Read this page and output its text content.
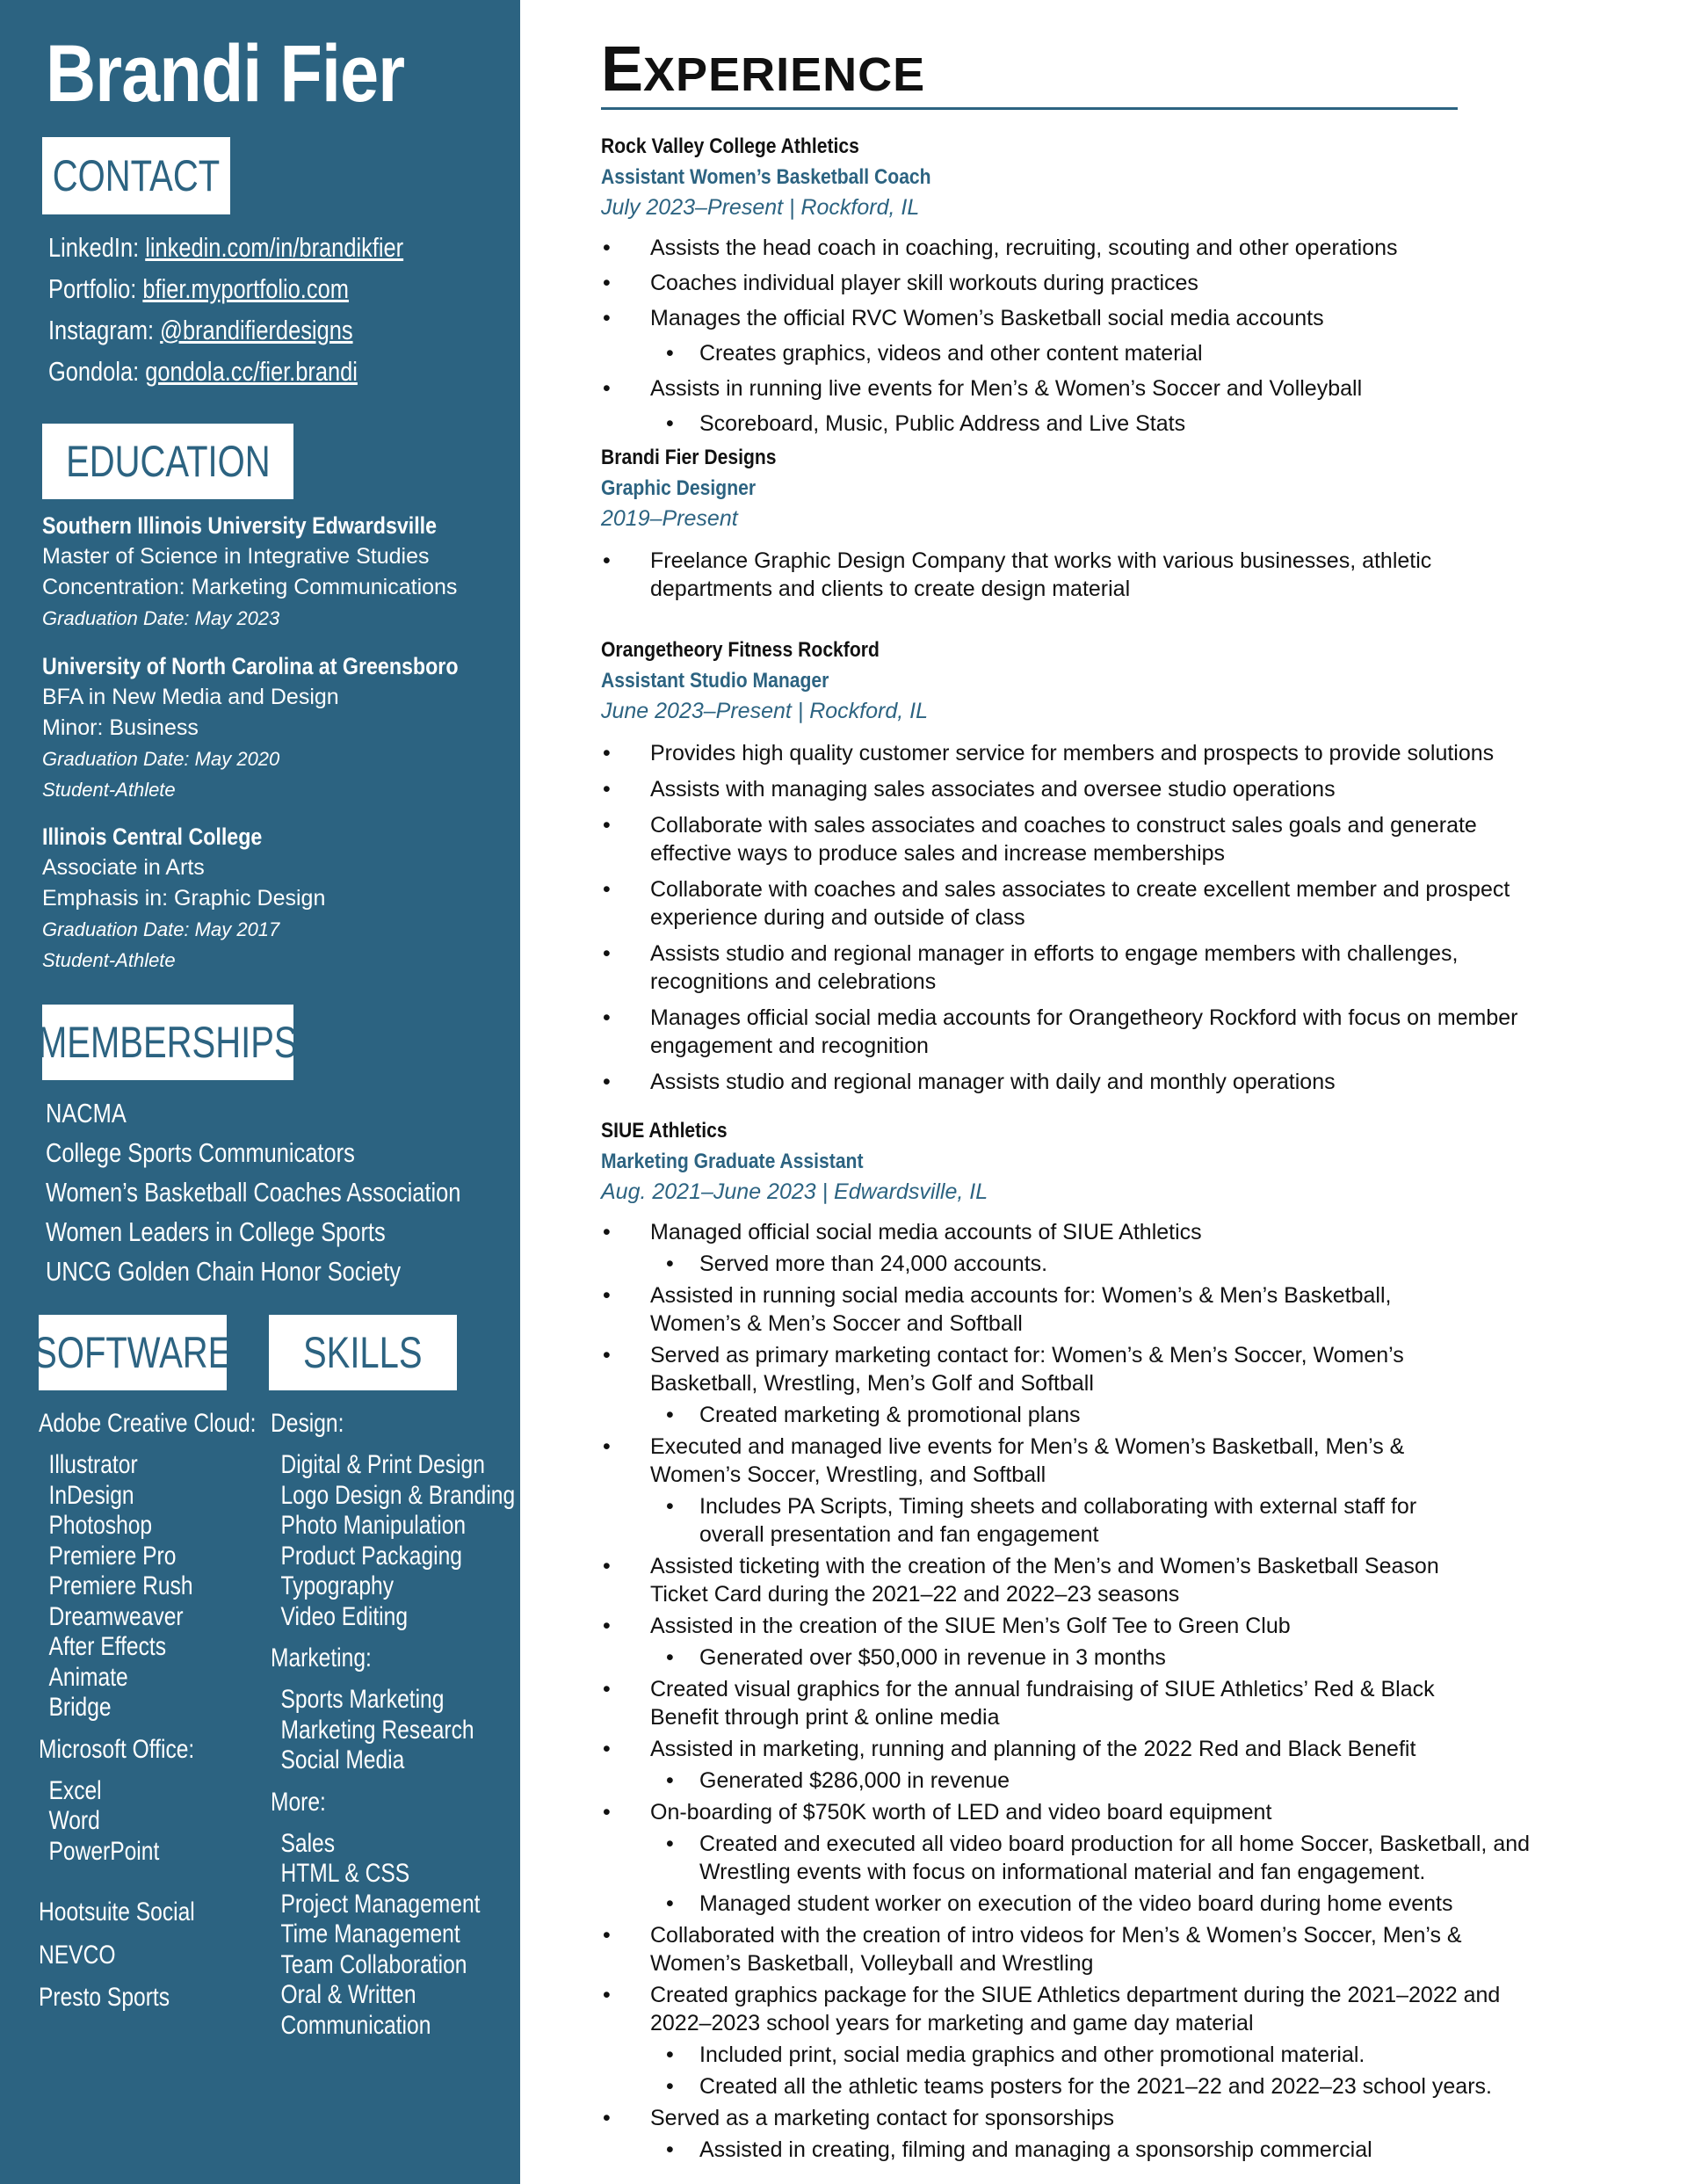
Brandi Fier
CONTACT
LinkedIn: linkedin.com/in/brandikfier
Portfolio: bfier.myportfolio.com
Instagram: @brandifierdesigns
Gondola: gondola.cc/fier.brandi
EDUCATION
Southern Illinois University Edwardsville
Master of Science in Integrative Studies
Concentration: Marketing Communications
Graduation Date: May 2023
University of North Carolina at Greensboro
BFA in New Media and Design
Minor: Business
Graduation Date: May 2020
Student-Athlete
Illinois Central College
Associate in Arts
Emphasis in: Graphic Design
Graduation Date: May 2017
Student-Athlete
MEMBERSHIPS
NACMA
College Sports Communicators
Women’s Basketball Coaches Association
Women Leaders in College Sports
UNCG Golden Chain Honor Society
SOFTWARE
Adobe Creative Cloud:
Illustrator
InDesign
Photoshop
Premiere Pro
Premiere Rush
Dreamweaver
After Effects
Animate
Bridge
Microsoft Office:
Excel
Word
PowerPoint
Hootsuite Social
NEVCO
Presto Sports
SKILLS
Design:
Digital & Print Design
Logo Design & Branding
Photo Manipulation
Product Packaging
Typography
Video Editing
Marketing:
Sports Marketing
Marketing Research
Social Media
More:
Sales
HTML & CSS
Project Management
Time Management
Team Collaboration
Oral & Written
Communication
EXPERIENCE
Rock Valley College Athletics
Assistant Women’s Basketball Coach
July 2023–Present | Rockford, IL
• Assists the head coach in coaching, recruiting, scouting and other operations
• Coaches individual player skill workouts during practices
• Manages the official RVC Women’s Basketball social media accounts
• Creates graphics, videos and other content material
• Assists in running live events for Men’s & Women’s Soccer and Volleyball
• Scoreboard, Music, Public Address and Live Stats
Brandi Fier Designs
Graphic Designer
2019–Present
• Freelance Graphic Design Company that works with various businesses, athletic departments and clients to create design material
Orangetheory Fitness Rockford
Assistant Studio Manager
June 2023–Present | Rockford, IL
• Provides high quality customer service for members and prospects to provide solutions
• Assists with managing sales associates and oversee studio operations
• Collaborate with sales associates and coaches to construct sales goals and generate effective ways to produce sales and increase memberships
• Collaborate with coaches and sales associates to create excellent member and prospect experience during and outside of class
• Assists studio and regional manager in efforts to engage members with challenges, recognitions and celebrations
• Manages official social media accounts for Orangetheory Rockford with focus on member engagement and recognition
• Assists studio and regional manager with daily and monthly operations
SIUE Athletics
Marketing Graduate Assistant
Aug. 2021–June 2023 | Edwardsville, IL
• Managed official social media accounts of SIUE Athletics
• Served more than 24,000 accounts.
• Assisted in running social media accounts for: Women’s & Men’s Basketball, Women’s & Men’s Soccer and Softball
• Served as primary marketing contact for: Women’s & Men’s Soccer, Women’s Basketball, Wrestling, Men’s Golf and Softball
• Created marketing & promotional plans
• Executed and managed live events for Men’s & Women’s Basketball, Men’s & Women’s Soccer, Wrestling, and Softball
• Includes PA Scripts, Timing sheets and collaborating with external staff for overall presentation and fan engagement
• Assisted ticketing with the creation of the Men’s and Women’s Basketball Season Ticket Card during the 2021–22 and 2022–23 seasons
• Assisted in the creation of the SIUE Men’s Golf Tee to Green Club
• Generated over $50,000 in revenue in 3 months
• Created visual graphics for the annual fundraising of SIUE Athletics’ Red & Black Benefit through print & online media
• Assisted in marketing, running and planning of the 2022 Red and Black Benefit
• Generated $286,000 in revenue
• On-boarding of $750K worth of LED and video board equipment
• Created and executed all video board production for all home Soccer, Basketball, and Wrestling events with focus on informational material and fan engagement.
• Managed student worker on execution of the video board during home events
• Collaborated with the creation of intro videos for Men’s & Women’s Soccer, Men’s & Women’s Basketball, Volleyball and Wrestling
• Created graphics package for the SIUE Athletics department during the 2021–2022 and 2022–2023 school years for marketing and game day material
• Included print, social media graphics and other promotional material.
• Created all the athletic teams posters for the 2021–22 and 2022–23 school years.
• Served as a marketing contact for sponsorships
• Assisted in creating, filming and managing a sponsorship commercial
